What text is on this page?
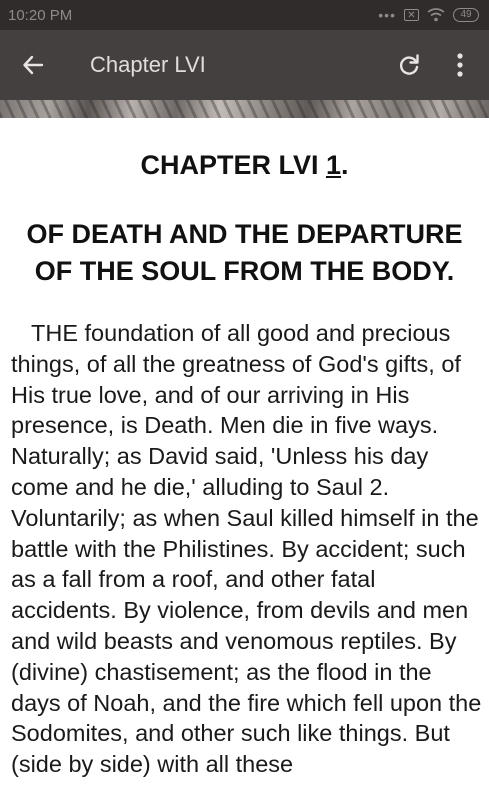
10:20 PM	•••	✕	49
Chapter LVI
CHAPTER LVI 1.
OF DEATH AND THE DEPARTURE OF THE SOUL FROM THE BODY.

THE foundation of all good and precious things, of all the greatness of God's gifts, of His true love, and of our arriving in His presence, is Death. Men die in five ways. Naturally; as David said, 'Unless his day come and he die,' alluding to Saul 2. Voluntarily; as when Saul killed himself in the battle with the Philistines. By accident; such as a fall from a roof, and other fatal accidents. By violence, from devils and men and wild beasts and venomous reptiles. By (divine) chastisement; as the flood in the days of Noah, and the fire which fell upon the Sodomites, and other such like things. But (side by side) with all these
